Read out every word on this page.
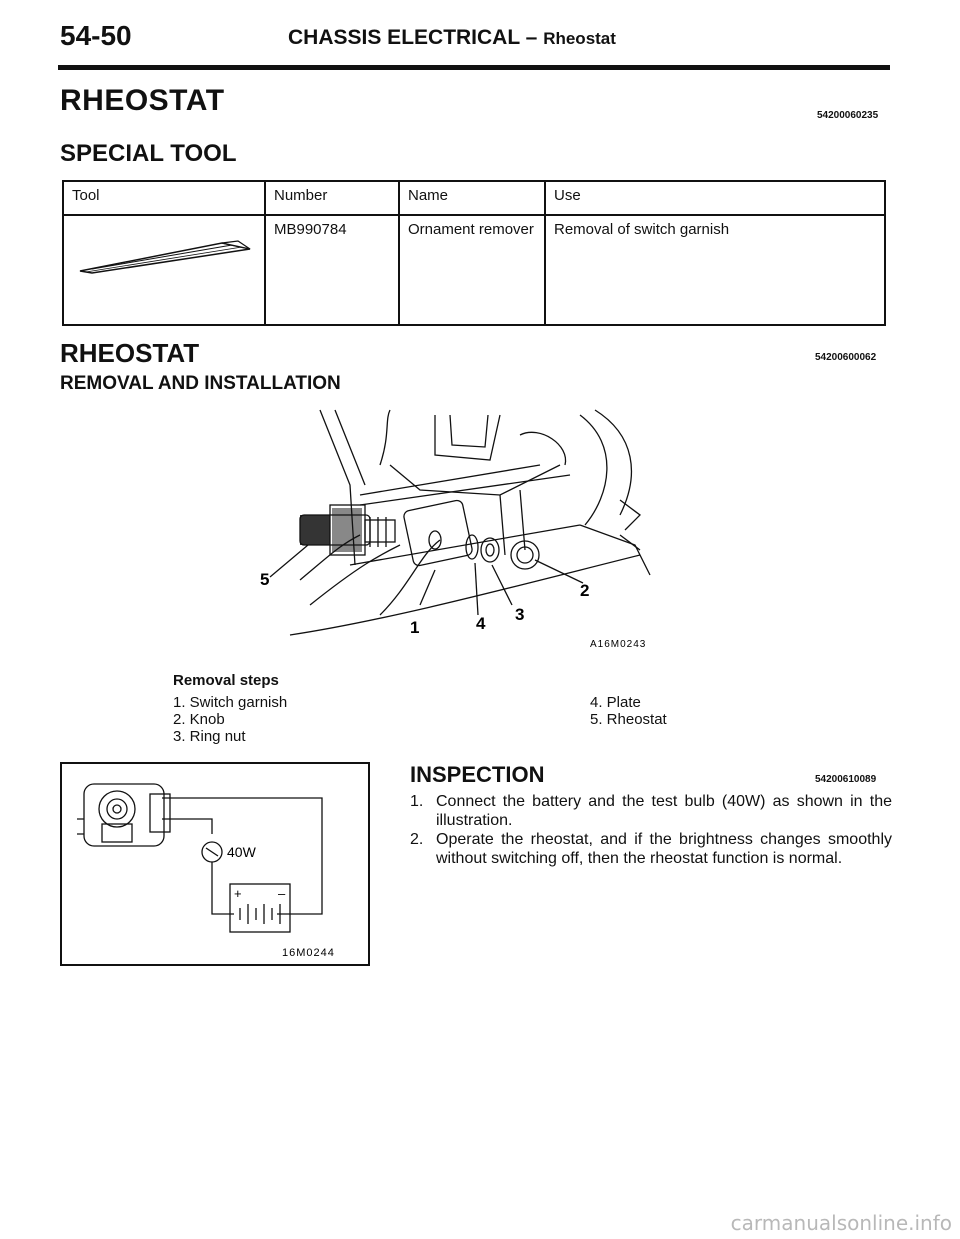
54-50	CHASSIS ELECTRICAL – Rheostat
RHEOSTAT	54200060235
SPECIAL TOOL
Tool	Number	Name	Use
	MB990784	Ornament remover	Removal of switch garnish
RHEOSTAT	54200600062
REMOVAL AND INSTALLATION
1
2
3
4
5
A16M0243
Removal steps
1. Switch garnish
2. Knob
3. Ring nut
4. Plate
5. Rheostat
40W
+	–
16M0244
INSPECTION	54200610089
1. Connect the battery and the test bulb (40W) as shown in the illustration.
2. Operate the rheostat, and if the brightness changes smoothly without switching off, then the rheostat function is normal.
carmanualsonline.info
